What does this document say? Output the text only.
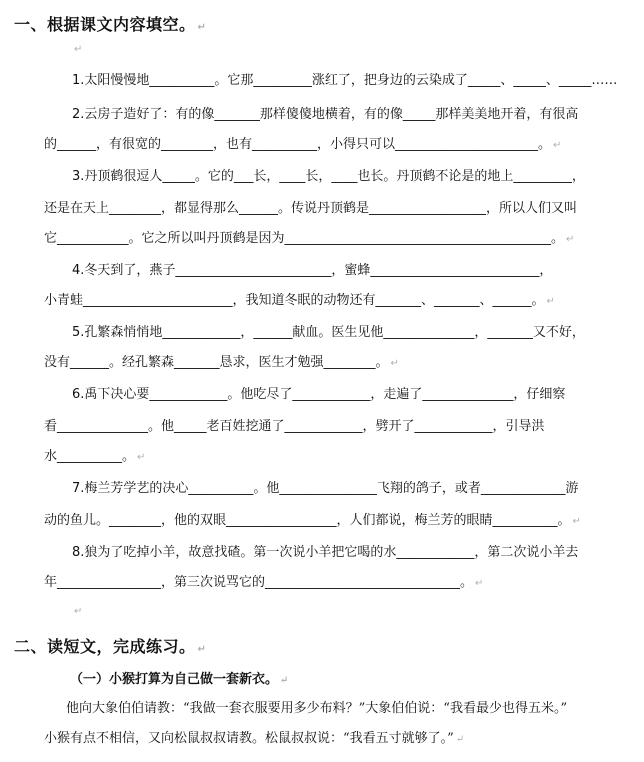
一、根据课文内容填空。 ↵
↵
1.太阳慢慢地__________。它那_________涨红了，把身边的云染成了_____、_____、_____……
2.云房子造好了：有的像_______那样傻傻地横着，有的像_____那样美美地开着，有很高
的______，有很宽的________，也有__________，小得只可以______________________。 ↵
3.丹顶鹤很逗人_____。它的___长，____长，____也长。丹顶鹤不论是的地上_________，
还是在天上________，都显得那么______。传说丹顶鹤是__________________，所以人们又叫
它___________。它之所以叫丹顶鹤是因为_________________________________________。 ↵
4.冬天到了，燕子________________________，蜜蜂__________________________，
小青蛙_______________________，我知道冬眠的动物还有_______、_______、______。 ↵
5.孔繁森悄悄地____________，______献血。医生见他______________，_______又不好，
没有______。经孔繁森_______恳求，医生才勉强________。 ↵
6.禹下决心要____________。他吃尽了____________，走遍了______________，仔细察
看______________。他_____老百姓挖通了____________，劈开了____________，引导洪
水__________。 ↵
7.梅兰芳学艺的决心__________。他_______________飞翔的鸽子，或者_____________游
动的鱼儿。________，他的双眼_________________，人们都说，梅兰芳的眼睛__________。 ↵
8.狼为了吃掉小羊，故意找碴。第一次说小羊把它喝的水____________，第二次说小羊去
年________________，第三次说骂它的______________________________。 ↵
↵
二、读短文，完成练习。 ↵
（一）小猴打算为自己做一套新衣。 ↵
他向大象伯伯请教：“我做一套衣服要用多少布料？”大象伯伯说：“我看最少也得五米。”
小猴有点不相信，又向松鼠叔叔请教。松鼠叔叔说：“我看五寸就够了。” ↵
